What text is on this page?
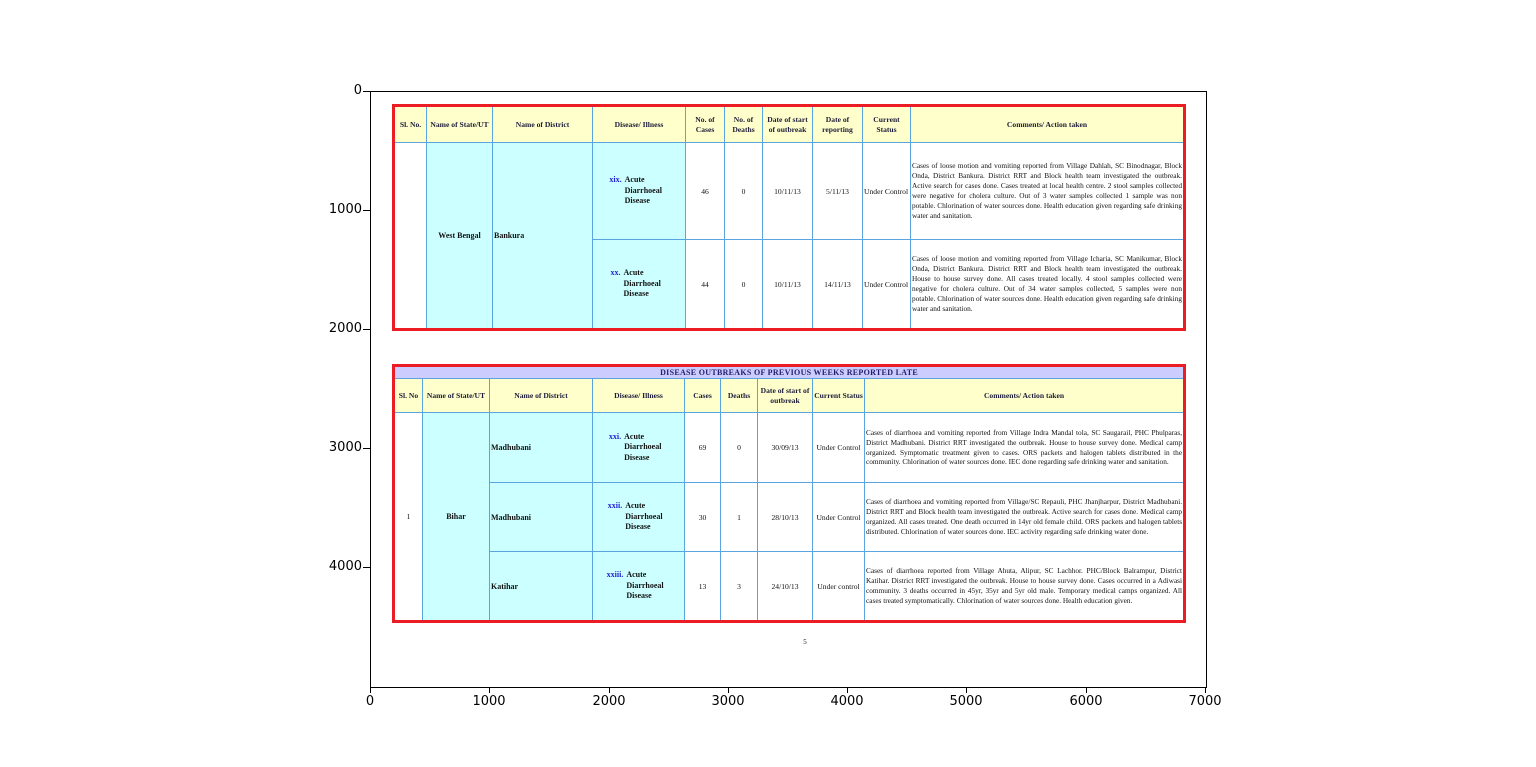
0
1000
2000
3000
4000
0	1000	2000	3000	4000	5000	6000	7000
Sl. No.	Name of State/UT	Name of District	Disease/ Illness	No. of Cases	No. of Deaths	Date of start of outbreak	Date of reporting	Current Status	Comments/ Action taken
	West Bengal	Bankura	xix. Acute Diarrhoeal Disease	46	0	10/11/13	5/11/13	Under Control	Cases of loose motion and vomiting reported from Village Dahlah, SC Binodnagar, Block Onda, District Bankura. District RRT and Block health team investigated the outbreak. Active search for cases done. Cases treated at local health centre. 2 stool samples collected were negative for cholera culture. Out of 3 water samples collected 1 sample was non potable. Chlorination of water sources done. Health education given regarding safe drinking water and sanitation.

			xx. Acute Diarrhoeal Disease	44	0	10/11/13	14/11/13	Under Control	Cases of loose motion and vomiting reported from Village Icharia, SC Manikumar, Block Onda, District Bankura. District RRT and Block health team investigated the outbreak. House to house survey done. All cases treated locally. 4 stool samples collected were negative for cholera culture. Out of 34 water samples collected, 5 samples were non potable. Chlorination of water sources done. Health education given regarding safe drinking water and sanitation.
DISEASE OUTBREAKS OF PREVIOUS WEEKS REPORTED LATE								
Sl. No	Name of State/UT	Name of District	Disease/ Illness	Cases	Deaths	Date of start of outbreak	Current Status	Comments/ Action taken
1	Bihar	Madhubani	xxi. Acute Diarrhoeal Disease	69	0	30/09/13	Under Control	Cases of diarrhoea and vomiting reported from Village Indra Mandal tola, SC Saugarail, PHC Phulparas, District Madhubani. District RRT investigated the outbreak. House to house survey done. Medical camp organized. Symptomatic treatment given to cases. ORS packets and halogen tablets distributed in the community. Chlorination of water sources done. IEC done regarding safe drinking water and sanitation.
		Madhubani	xxii. Acute Diarrhoeal Disease	30	1	28/10/13	Under Control	Cases of diarrhoea and vomiting reported from Village/SC Repauli, PHC Jhanjharpur, District Madhubani. District RRT and Block health team investigated the outbreak. Active search for cases done. Medical camp organized. All cases treated. One death occurred in 14yr old female child. ORS packets and halogen tablets distributed. Chlorination of water sources done. IEC activity regarding safe drinking water done.
		Katihar	xxiii. Acute Diarrhoeal Disease	13	3	24/10/13	Under control	Cases of diarrhoea reported from Village Ahuta, Alipur, SC Lachhor. PHC/Block Balrampur, District Katihar. District RRT investigated the outbreak. House to house survey done. Cases occurred in a Adiwasi community. 3 deaths occurred in 45yr, 35yr and 5yr old male. Temporary medical camps organized. All cases treated symptomatically. Chlorination of water sources done. Health education given.
5
